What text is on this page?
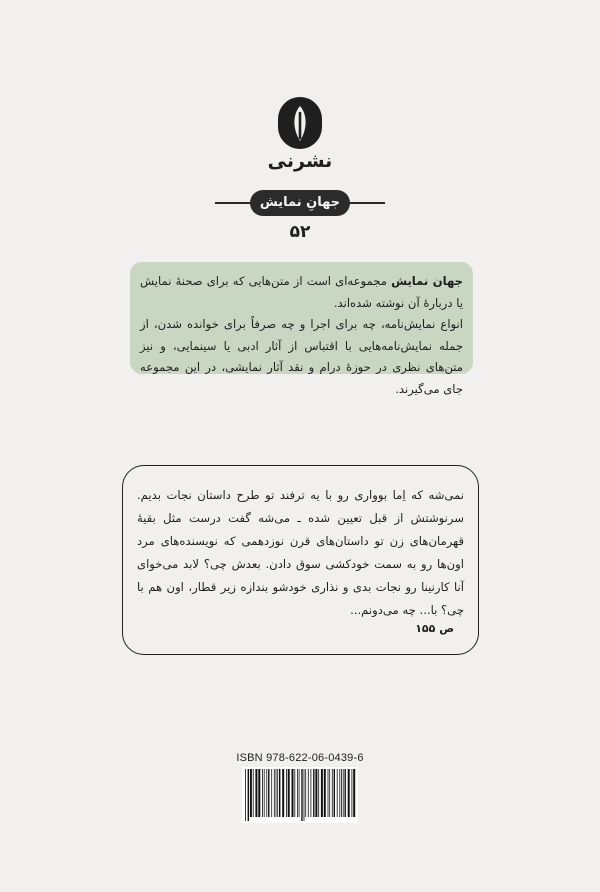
نشرنی
جهانِ نمایش
۵۲

جهان نمایش مجموعه‌ای است از متن‌هایی که برای صحنهٔ نمایش یا دربارهٔ آن نوشته شده‌اند.

انواع نمایش‌نامه، چه برای اجرا و چه صرفاً برای خوانده شدن، از جمله نمایش‌نامه‌هایی با اقتباس از آثار ادبی یا سینمایی، و نیز متن‌های نظری در حوزهٔ درام و نقد آثار نمایشی، در این مجموعه جای می‌گیرند.

نمی‌شه که اِما بوواری رو با یه ترفند تو طرح داستان نجات بدیم. سرنوشتش از قبل تعیین شده ـ می‌شه گفت درست مثل بقیهٔ قهرمان‌های زن تو داستان‌های قرن نوزدهمی که نویسنده‌های مرد اون‌ها رو به سمت خودکشی سوق دادن. بعدش چی؟ لابد می‌خوای آنا کارنینا رو نجات بدی و نذاری خودشو بندازه زیر قطار، اون هم با چی؟ با... چه می‌دونم...

ص ۱۵۵
ISBN 978-622-06-0439-6
